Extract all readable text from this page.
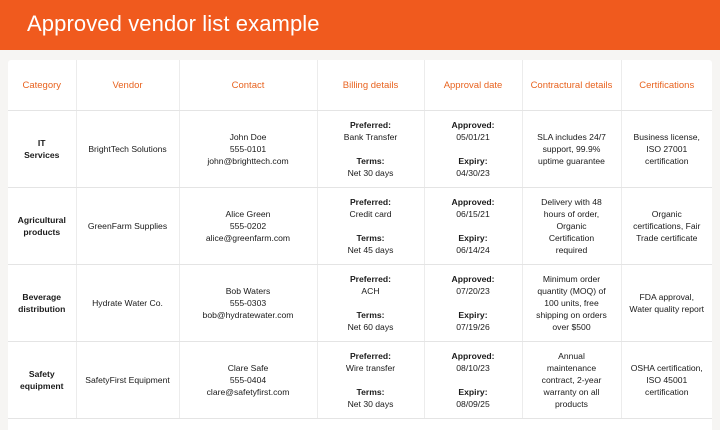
Approved vendor list example
Category	Vendor	Contact	Billing details	Approval date	Contractural details	Certifications

IT
Services	BrightTech Solutions	John Doe
555-0101
john@brighttech.com	Preferred:
Bank Transfer
Terms:
Net 30 days	Approved:
05/01/21
Expiry:
04/30/23	SLA includes 24/7
support, 99.9%
uptime guarantee	Business license,
ISO 27001
certification

Agricultural
products	GreenFarm Supplies	Alice Green
555-0202
alice@greenfarm.com	Preferred:
Credit card
Terms:
Net 45 days	Approved:
06/15/21
Expiry:
06/14/24	Delivery with 48
hours of order,
Organic
Certification
required	Organic
certifications, Fair
Trade certificate

Beverage
distribution	Hydrate Water Co.	Bob Waters
555-0303
bob@hydratewater.com	Preferred:
ACH
Terms:
Net 60 days	Approved:
07/20/23
Expiry:
07/19/26	Minimum order
quantity (MOQ) of
100 units, free
shipping on orders
over $500	FDA approval,
Water quality report

Safety
equipment	SafetyFirst Equipment	Clare Safe
555-0404
clare@safetyfirst.com	Preferred:
Wire transfer
Terms:
Net 30 days	Approved:
08/10/23
Expiry:
08/09/25	Annual
maintenance
contract, 2-year
warranty on all
products	OSHA certification,
ISO 45001
certification
